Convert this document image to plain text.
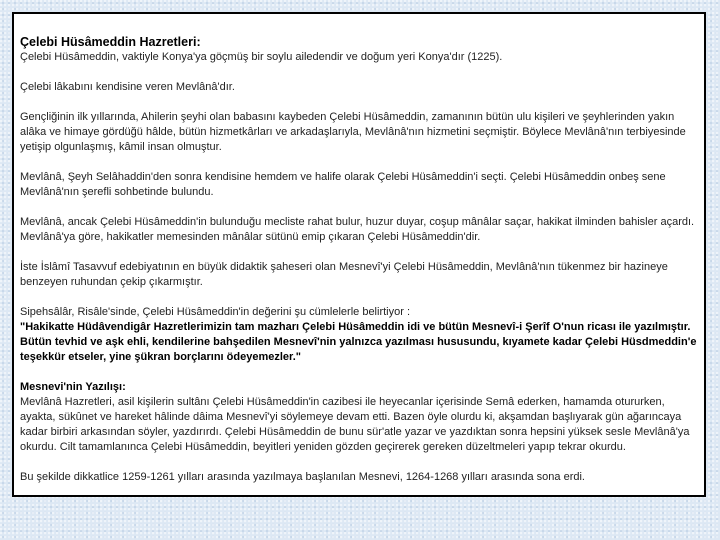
Çelebi Hüsâmeddin Hazretleri:

Çelebi Hüsâmeddin, vaktiyle Konya'ya göçmüş bir soylu ailedendir ve doğum yeri Konya'dır (1225).

Çelebi lâkabını kendisine veren Mevlânâ'dır.

Gençliğinin ilk yıllarında, Ahilerin şeyhi olan babasını kaybeden Çelebi Hüsâmeddin, zamanının bütün ulu kişileri ve şeyhlerinden yakın alâka ve himaye gördüğü hâlde, bütün hizmetkârları ve arkadaşlarıyla, Mevlânâ'nın hizmetini seçmiştir. Böylece Mevlânâ'nın terbiyesinde yetişip olgunlaşmış, kâmil insan olmuştur.

Mevlânâ, Şeyh Selâhaddin'den sonra kendisine hemdem ve halife olarak Çelebi Hüsâmeddin'i seçti. Çelebi Hüsâmeddin onbeş sene Mevlânâ'nın şerefli sohbetinde bulundu.

Mevlânâ, ancak Çelebi Hüsâmeddin'in bulunduğu mecliste rahat bulur, huzur duyar, coşup mânâlar saçar, hakikat ilminden bahisler açardı. Mevlânâ'ya göre, hakikatler memesinden mânâlar sütünü emip çıkaran Çelebi Hüsâmeddin'dir.

İste İslâmî Tasavvuf edebiyatının en büyük didaktik şaheseri olan Mesnevî'yi Çelebi Hüsâmeddin, Mevlânâ'nın tükenmez bir hazineye benzeyen ruhundan çekip çıkarmıştır.

Sipehsâlâr, Risâle'sinde, Çelebi Hüsâmeddin'in değerini şu cümlelerle belirtiyor :

"Hakikatte Hüdâvendigâr Hazretlerimizin tam mazharı Çelebi Hüsâmeddin idi ve bütün Mesnevî-i Şerîf O'nun ricası ile yazılmıştır. Bütün tevhid ve aşk ehli, kendilerine bahşedilen Mesnevî'nin yalnızca yazılması hususundu, kıyamete kadar Çelebi Hüsdmeddin'e teşekkür etseler, yine şükran borçlarını ödeyemezler."

Mesnevi'nin Yazılışı:

Mevlânâ Hazretleri, asil kişilerin sultânı Çelebi Hüsâmeddin'in cazibesi ile heyecanlar içerisinde Semâ ederken, hamamda otururken, ayakta, sükûnet ve hareket hâlinde dâima Mesnevî'yi söylemeye devam etti. Bazen öyle olurdu ki, akşamdan başlıyarak gün ağarıncaya kadar birbiri arkasından söyler, yazdırırdı. Çelebi Hüsâmeddin de bunu sür'atle yazar ve yazdıktan sonra hepsini yüksek sesle Mevlânâ'ya okurdu. Cilt tamamlanınca Çelebi Hüsâmeddin, beyitleri yeniden gözden geçirerek gereken düzeltmeleri yapıp tekrar okurdu.

Bu şekilde dikkatlice 1259-1261 yılları arasında yazılmaya başlanılan Mesnevi, 1264-1268 yılları arasında sona erdi.
